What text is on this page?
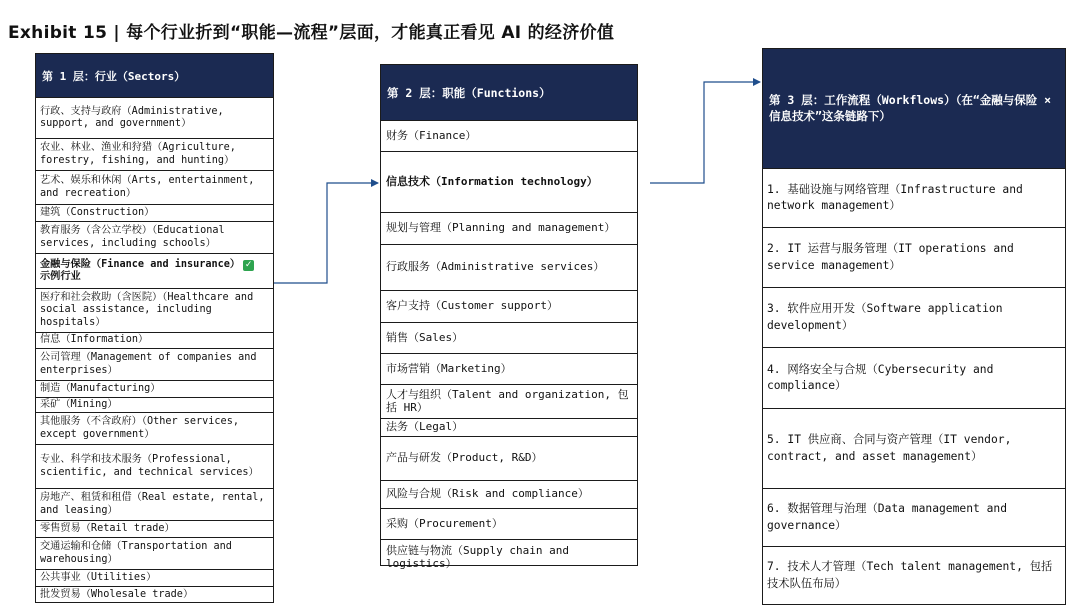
Exhibit 15 | 每个行业折到“职能—流程”层面，才能真正看见 AI 的经济价值
第 1 层：行业（Sectors）
行政、支持与政府（Administrative, support, and government）
农业、林业、渔业和狩猎（Agriculture, forestry, fishing, and hunting）
艺术、娱乐和休闲（Arts, entertainment, and recreation）
建筑（Construction）
教育服务（含公立学校）（Educational services, including schools）
金融与保险（Finance and insurance） ✓
示例行业
医疗和社会救助（含医院）（Healthcare and social assistance, including hospitals）
信息（Information）
公司管理（Management of companies and enterprises）
制造（Manufacturing）
采矿（Mining）
其他服务（不含政府）（Other services, except government）
专业、科学和技术服务（Professional, scientific, and technical services）
房地产、租赁和租借（Real estate, rental, and leasing）
零售贸易（Retail trade）
交通运输和仓储（Transportation and warehousing）
公共事业（Utilities）
批发贸易（Wholesale trade）
第 2 层：职能（Functions）
财务（Finance）
信息技术（Information technology）
规划与管理（Planning and management）
行政服务（Administrative services）
客户支持（Customer support）
销售（Sales）
市场营销（Marketing）
人才与组织（Talent and organization, 包括 HR）
法务（Legal）
产品与研发（Product, R&D）
风险与合规（Risk and compliance）
采购（Procurement）
供应链与物流（Supply chain and logistics）
第 3 层：工作流程（Workflows）（在“金融与保险 × 信息技术”这条链路下）
1. 基础设施与网络管理（Infrastructure and network management）
2. IT 运营与服务管理（IT operations and service management）
3. 软件应用开发（Software application development）
4. 网络安全与合规（Cybersecurity and compliance）
5. IT 供应商、合同与资产管理（IT vendor, contract, and asset management）
6. 数据管理与治理（Data management and governance）
7. 技术人才管理（Tech talent management, 包括技术队伍布局）
